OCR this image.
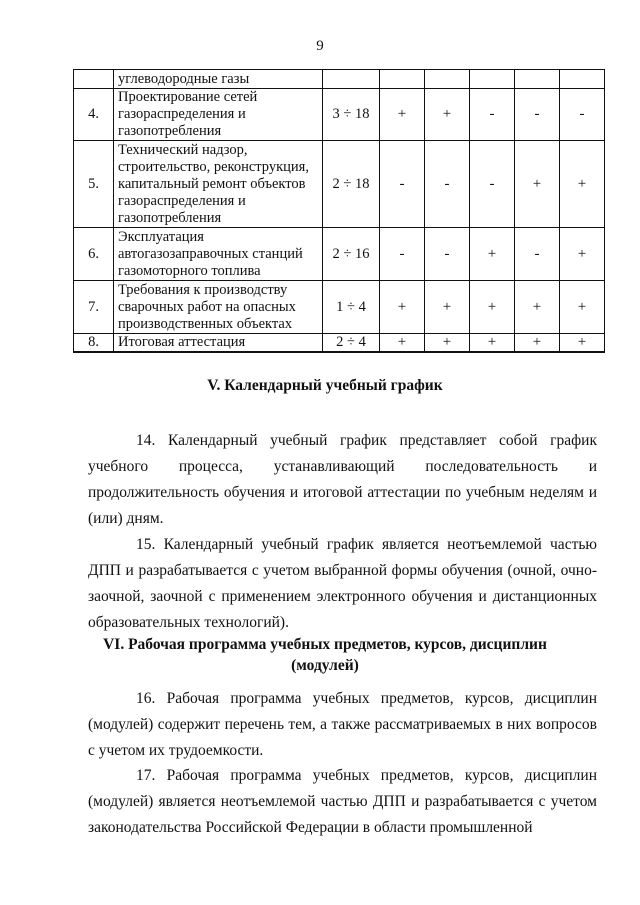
9
	углеводородные газы						
4.	Проектирование сетей газораспределения и газопотребления	3 ÷ 18	+	+	-	-	-
5.	Технический надзор, строительство, реконструкция, капитальный ремонт объектов газораспределения и газопотребления	2 ÷ 18	-	-	-	+	+
6.	Эксплуатация автогазозаправочных станций газомоторного топлива	2 ÷ 16	-	-	+	-	+
7.	Требования к производству сварочных работ на опасных производственных объектах	1 ÷ 4	+	+	+	+	+
8.	Итоговая аттестация	2 ÷ 4	+	+	+	+	+
V. Календарный учебный график

14. Календарный учебный график представляет собой график учебного процесса, устанавливающий последовательность и продолжительность обучения и итоговой аттестации по учебным неделям и (или) дням.

15. Календарный учебный график является неотъемлемой частью ДПП и разрабатывается с учетом выбранной формы обучения (очной, очно-заочной, заочной с применением электронного обучения и дистанционных образовательных технологий).

VI. Рабочая программа учебных предметов, курсов, дисциплин
(модулей)

16. Рабочая программа учебных предметов, курсов, дисциплин (модулей) содержит перечень тем, а также рассматриваемых в них вопросов с учетом их трудоемкости.

17. Рабочая программа учебных предметов, курсов, дисциплин (модулей) является неотъемлемой частью ДПП и разрабатывается с учетом законодательства Российской Федерации в области промышленной
